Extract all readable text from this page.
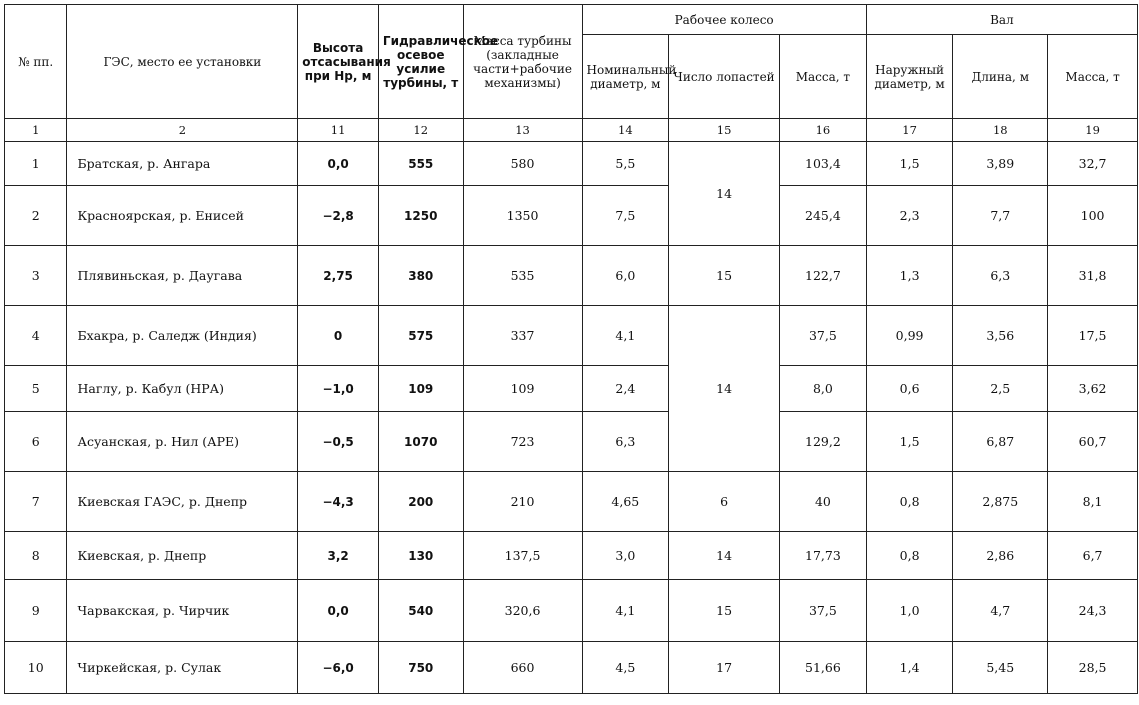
№ пп.	ГЭС, место ее установки	Высота отсасывания при Hр, м	Гидравлическое осевое усилие турбины, т	Масса турбины (закладные части+рабочие механизмы)	Рабочее колесо			Вал		
					Номинальный диаметр, м	Число лопастей	Масса, т	Наружный диаметр, м	Длина, м	Масса, т
1	2	11	12	13	14	15	16	17	18	19
1	Братская, р. Ангара	0,0	555	580	5,5	14	103,4	1,5	3,89	32,7
2	Красноярская, р. Енисей	−2,8	1250	1350	7,5		245,4	2,3	7,7	100
3	Плявиньская, р. Даугава	2,75	380	535	6,0	15	122,7	1,3	6,3	31,8
4	Бхакра, р. Саледж (Индия)	0	575	337	4,1	14	37,5	0,99	3,56	17,5
5	Наглу, р. Кабул (НРА)	−1,0	109	109	2,4		8,0	0,6	2,5	3,62
6	Асуанская, р. Нил (АРЕ)	−0,5	1070	723	6,3		129,2	1,5	6,87	60,7
7	Киевская ГАЭС, р. Днепр	−4,3	200	210	4,65	6	40	0,8	2,875	8,1
8	Киевская, р. Днепр	3,2	130	137,5	3,0	14	17,73	0,8	2,86	6,7
9	Чарвакская, р. Чирчик	0,0	540	320,6	4,1	15	37,5	1,0	4,7	24,3
10	Чиркейская, р. Сулак	−6,0	750	660	4,5	17	51,66	1,4	5,45	28,5
